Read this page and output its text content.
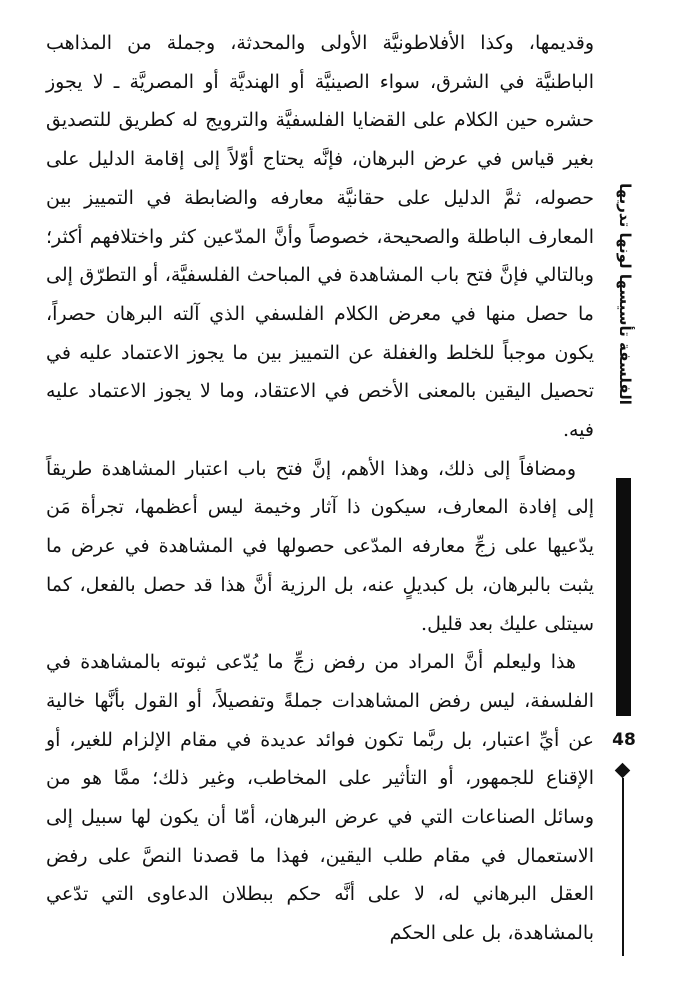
وقديمها، وكذا الأفلاطونيَّة الأولى والمحدثة، وجملة من المذاهب الباطنيَّة في الشرق، سواء الصينيَّة أو الهنديَّة أو المصريَّة ـ لا يجوز حشره حين الكلام على القضايا الفلسفيَّة والترويج له كطريق للتصديق بغير قياس في عرض البرهان، فإنَّه يحتاج أوّلاً إلى إقامة الدليل على حصوله، ثمَّ الدليل على حقانيَّة معارفه والضابطة في التمييز بين المعارف الباطلة والصحيحة، خصوصاً وأنَّ المدّعين كثر واختلافهم أكثر؛ وبالتالي فإنَّ فتح باب المشاهدة في المباحث الفلسفيَّة، أو التطرّق إلى ما حصل منها في معرض الكلام الفلسفي الذي آلته البرهان حصراً، يكون موجباً للخلط والغفلة عن التمييز بين ما يجوز الاعتماد عليه في تحصيل اليقين بالمعنى الأخص في الاعتقاد، وما لا يجوز الاعتماد عليه فيه.

ومضافاً إلى ذلك، وهذا الأهم، إنَّ فتح باب اعتبار المشاهدة طريقاً إلى إفادة المعارف، سيكون ذا آثار وخيمة ليس أعظمها، تجرأة مَن يدّعيها على زجِّ معارفه المدّعى حصولها في المشاهدة في عرض ما يثبت بالبرهان، بل كبديلٍ عنه، بل الرزية أنَّ هذا قد حصل بالفعل، كما سيتلى عليك بعد قليل.

هذا وليعلم أنَّ المراد من رفض زجِّ ما يُدّعى ثبوته بالمشاهدة في الفلسفة، ليس رفض المشاهدات جملةً وتفصيلاً، أو القول بأنَّها خالية عن أيِّ اعتبار، بل ربَّما تكون فوائد عديدة في مقام الإلزام للغير، أو الإقناع للجمهور، أو التأثير على المخاطب، وغير ذلك؛ ممَّا هو من وسائل الصناعات التي في عرض البرهان، أمّا أن يكون لها سبيل إلى الاستعمال في مقام طلب اليقين، فهذا ما قصدنا النصَّ على رفض العقل البرهاني له، لا على أنَّه حكم ببطلان الدعاوى التي تدّعي بالمشاهدة، بل على الحكم

الفلسفة تأسيسها لونها تدريها
48
